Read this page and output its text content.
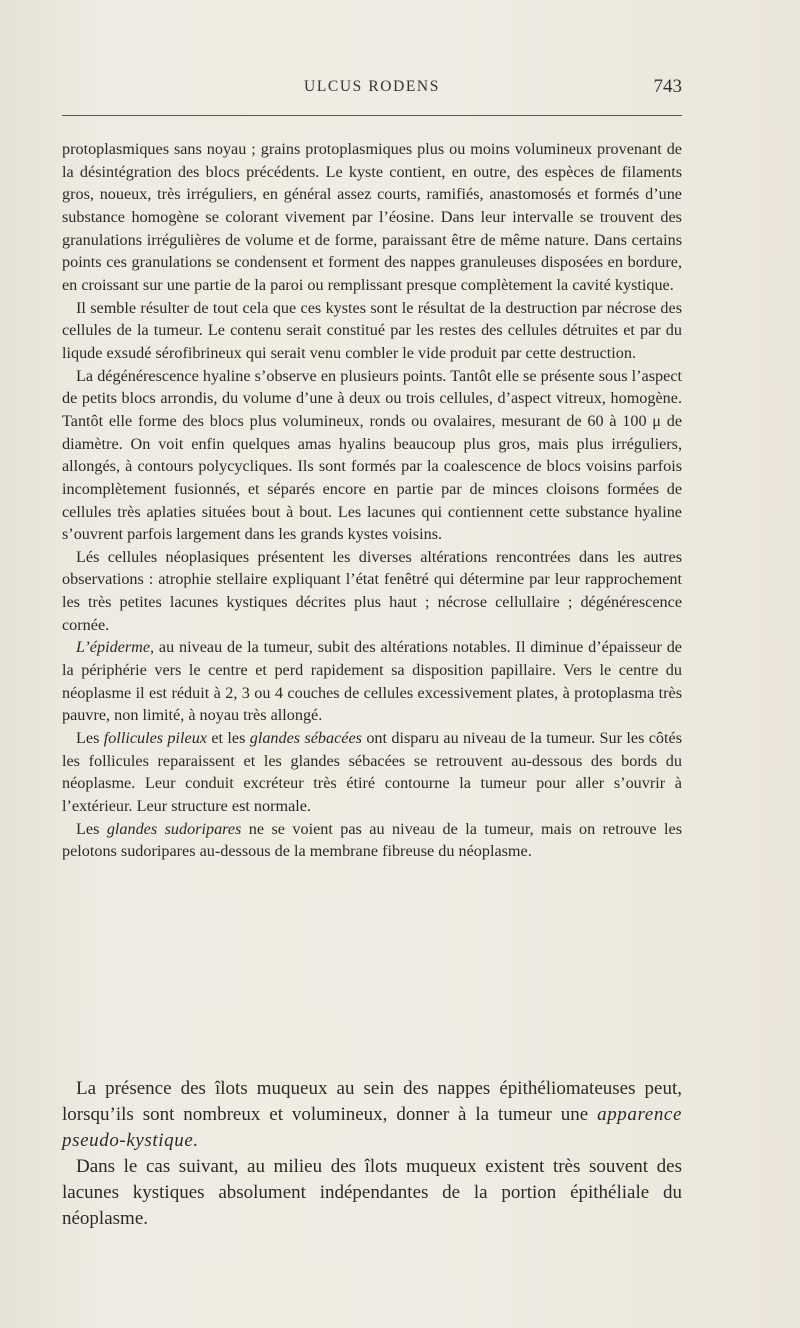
ULCUS RODENS	743

protoplasmiques sans noyau ; grains protoplasmiques plus ou moins volumineux provenant de la désintégration des blocs précédents. Le kyste contient, en outre, des espèces de filaments gros, noueux, très irréguliers, en général assez courts, ramifiés, anastomosés et formés d’une substance homogène se colorant vivement par l’éosine. Dans leur intervalle se trouvent des granulations irrégulières de volume et de forme, paraissant être de même nature. Dans certains points ces granulations se condensent et forment des nappes granuleuses disposées en bordure, en croissant sur une partie de la paroi ou remplissant presque complètement la cavité kystique.

Il semble résulter de tout cela que ces kystes sont le résultat de la destruction par nécrose des cellules de la tumeur. Le contenu serait constitué par les restes des cellules détruites et par du liqude exsudé sérofibrineux qui serait venu combler le vide produit par cette destruction.

La dégénérescence hyaline s’observe en plusieurs points. Tantôt elle se présente sous l’aspect de petits blocs arrondis, du volume d’une à deux ou trois cellules, d’aspect vitreux, homogène. Tantôt elle forme des blocs plus volumineux, ronds ou ovalaires, mesurant de 60 à 100 μ de diamètre. On voit enfin quelques amas hyalins beaucoup plus gros, mais plus irréguliers, allongés, à contours polycycliques. Ils sont formés par la coalescence de blocs voisins parfois incomplètement fusionnés, et séparés encore en partie par de minces cloisons formées de cellules très aplaties situées bout à bout. Les lacunes qui contiennent cette substance hyaline s’ouvrent parfois largement dans les grands kystes voisins.

Lés cellules néoplasiques présentent les diverses altérations rencontrées dans les autres observations : atrophie stellaire expliquant l’état fenêtré qui détermine par leur rapprochement les très petites lacunes kystiques décrites plus haut ; nécrose cellullaire ; dégénérescence cornée.

L’épiderme, au niveau de la tumeur, subit des altérations notables. Il diminue d’épaisseur de la périphérie vers le centre et perd rapidement sa disposition papillaire. Vers le centre du néoplasme il est réduit à 2, 3 ou 4 couches de cellules excessivement plates, à protoplasma très pauvre, non limité, à noyau très allongé.

Les follicules pileux et les glandes sébacées ont disparu au niveau de la tumeur. Sur les côtés les follicules reparaissent et les glandes sébacées se retrouvent au-dessous des bords du néoplasme. Leur conduit excréteur très étiré contourne la tumeur pour aller s’ouvrir à l’extérieur. Leur structure est normale.

Les glandes sudoripares ne se voient pas au niveau de la tumeur, mais on retrouve les pelotons sudoripares au-dessous de la membrane fibreuse du néoplasme.

La présence des îlots muqueux au sein des nappes épithéliomateuses peut, lorsqu’ils sont nombreux et volumineux, donner à la tumeur une apparence pseudo-kystique.

Dans le cas suivant, au milieu des îlots muqueux existent très souvent des lacunes kystiques absolument indépendantes de la portion épithéliale du néoplasme.
